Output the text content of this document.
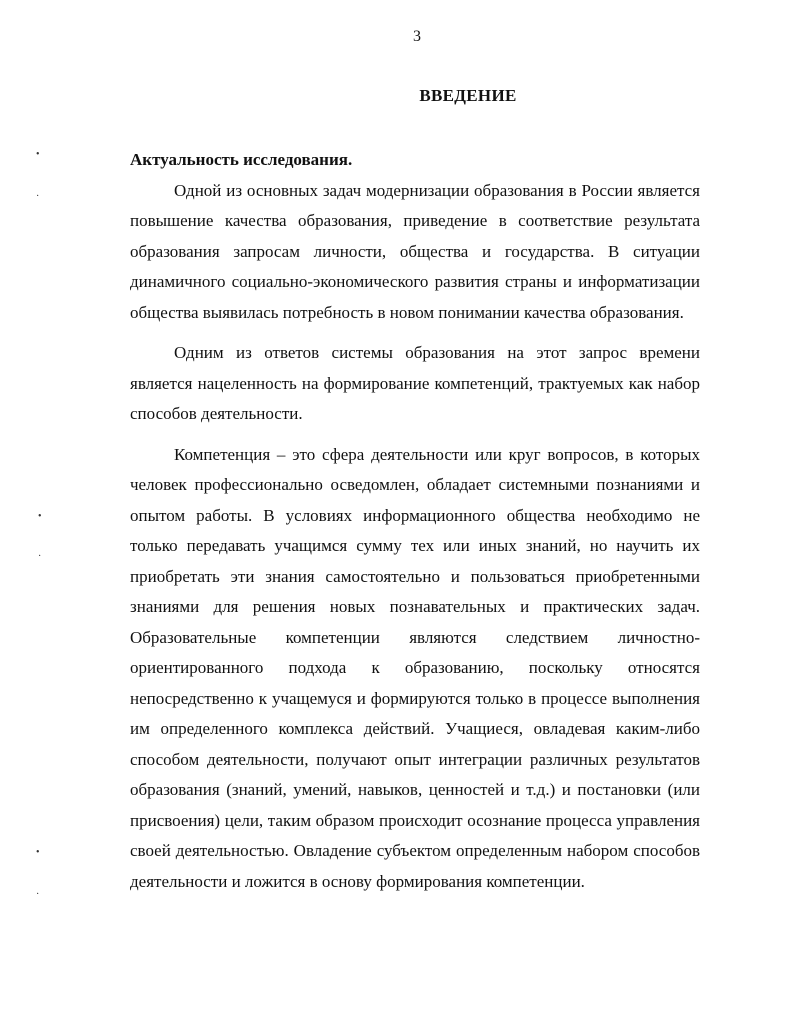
3
ВВЕДЕНИЕ

Актуальность исследования.

Одной из основных задач модернизации образования в России является повышение качества образования, приведение в соответствие результата образования запросам личности, общества и государства. В ситуации динамичного социально-экономического развития страны и информатизации общества выявилась потребность в новом понимании качества образования.

Одним из ответов системы образования на этот запрос времени является нацеленность на формирование компетенций, трактуемых как набор способов деятельности.

Компетенция – это сфера деятельности или круг вопросов, в которых человек профессионально осведомлен, обладает системными познаниями и опытом работы. В условиях информационного общества необходимо не только передавать учащимся сумму тех или иных знаний, но научить их приобретать эти знания самостоятельно и пользоваться приобретенными знаниями для решения новых познавательных и практических задач. Образовательные компетенции являются следствием личностно-ориентированного подхода к образованию, поскольку относятся непосредственно к учащемуся и формируются только в процессе выполнения им определенного комплекса действий. Учащиеся, овладевая каким-либо способом деятельности, получают опыт интеграции различных результатов образования (знаний, умений, навыков, ценностей и т.д.) и постановки (или присвоения) цели, таким образом происходит осознание процесса управления своей деятельностью. Овладение субъектом определенным набором способов деятельности и ложится в основу формирования компетенции.

•
·
•
·
•
·
